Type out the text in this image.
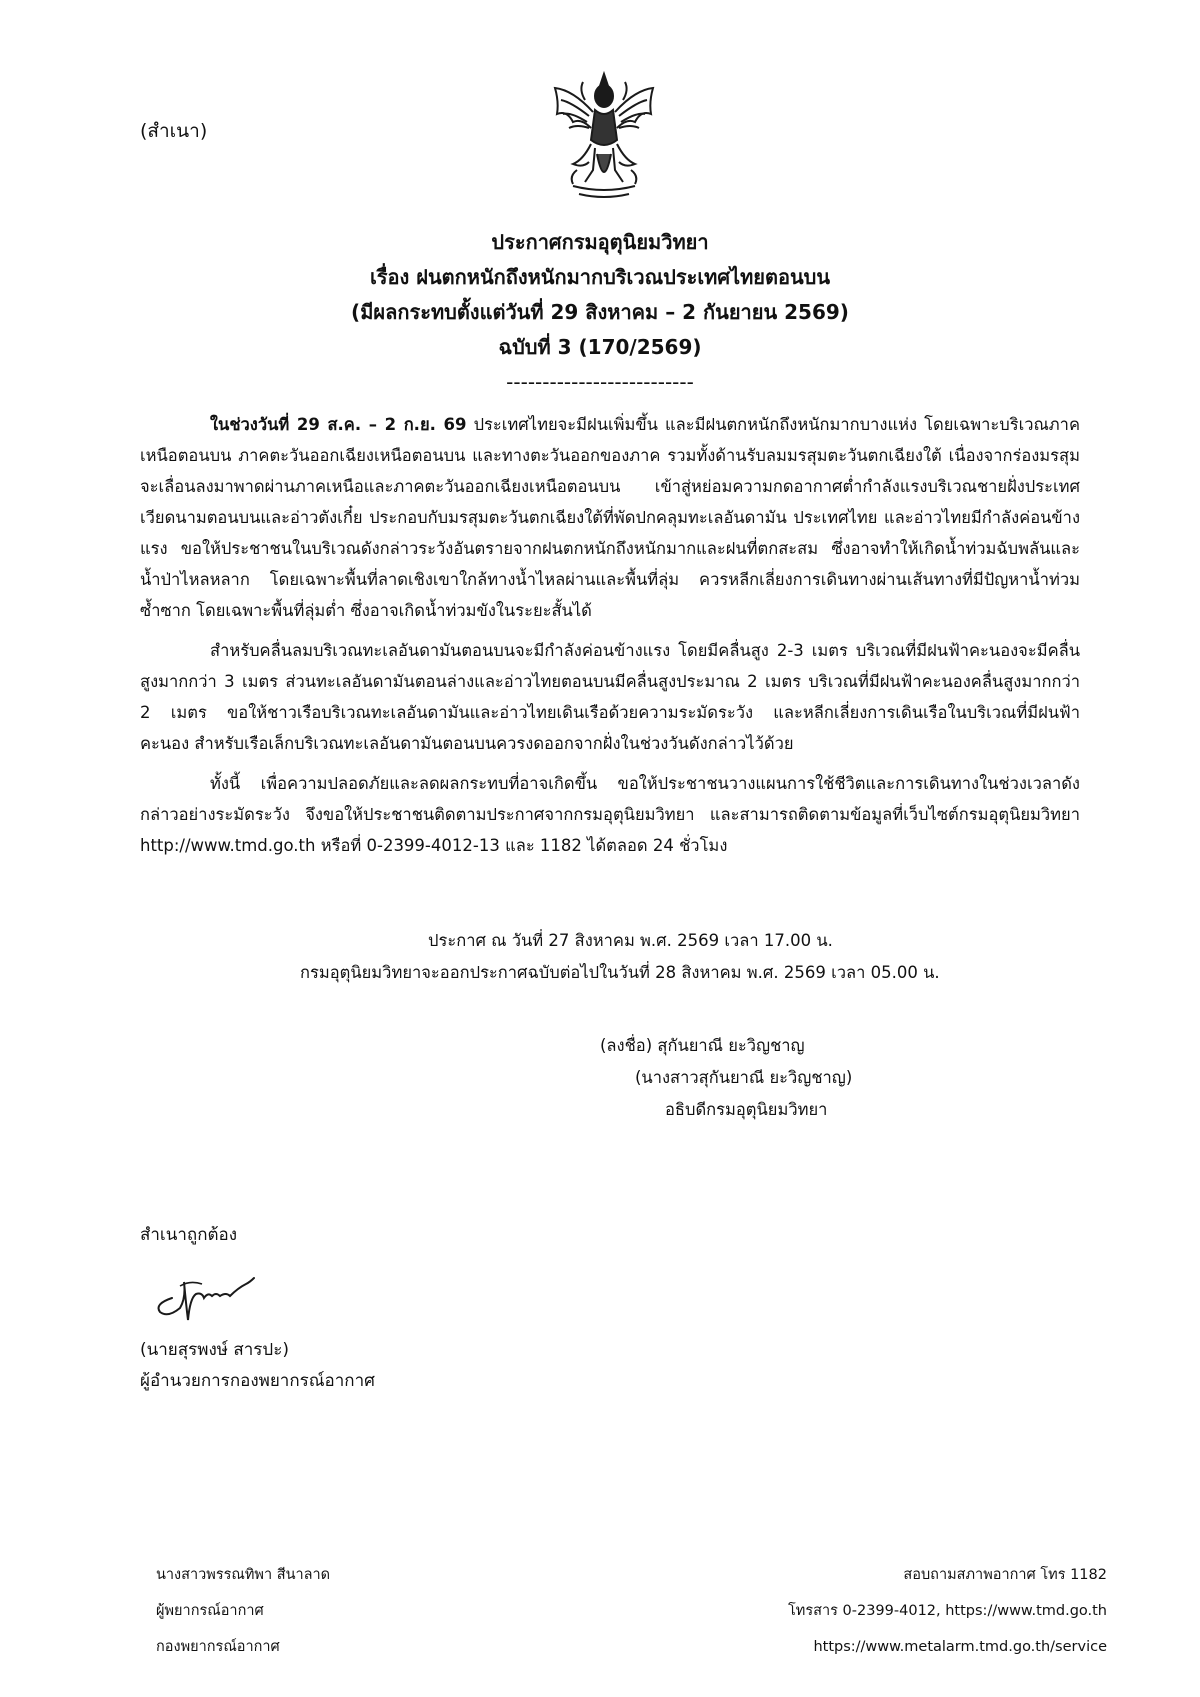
(สำเนา)
ประกาศกรมอุตุนิยมวิทยา
เรื่อง ฝนตกหนักถึงหนักมากบริเวณประเทศไทยตอนบน
(มีผลกระทบตั้งแต่วันที่ 29 สิงหาคม – 2 กันยายน 2569)
ฉบับที่ 3 (170/2569)
--------------------------

ในช่วงวันที่ 29 ส.ค. – 2 ก.ย. 69 ประเทศไทยจะมีฝนเพิ่มขึ้น และมีฝนตกหนักถึงหนักมากบางแห่ง โดยเฉพาะบริเวณภาคเหนือตอนบน ภาคตะวันออกเฉียงเหนือตอนบน และทางตะวันออกของภาค รวมทั้งด้านรับลมมรสุมตะวันตกเฉียงใต้ เนื่องจากร่องมรสุมจะเลื่อนลงมาพาดผ่านภาคเหนือและภาคตะวันออกเฉียงเหนือตอนบน เข้าสู่หย่อมความกดอากาศต่ำกำลังแรงบริเวณชายฝั่งประเทศเวียดนามตอนบนและอ่าวตังเกี๋ย ประกอบกับมรสุมตะวันตกเฉียงใต้ที่พัดปกคลุมทะเลอันดามัน ประเทศไทย และอ่าวไทยมีกำลังค่อนข้างแรง ขอให้ประชาชนในบริเวณดังกล่าวระวังอันตรายจากฝนตกหนักถึงหนักมากและฝนที่ตกสะสม ซึ่งอาจทำให้เกิดน้ำท่วมฉับพลันและน้ำป่าไหลหลาก โดยเฉพาะพื้นที่ลาดเชิงเขาใกล้ทางน้ำไหลผ่านและพื้นที่ลุ่ม ควรหลีกเลี่ยงการเดินทางผ่านเส้นทางที่มีปัญหาน้ำท่วมซ้ำซาก โดยเฉพาะพื้นที่ลุ่มต่ำ ซึ่งอาจเกิดน้ำท่วมขังในระยะสั้นได้

สำหรับคลื่นลมบริเวณทะเลอันดามันตอนบนจะมีกำลังค่อนข้างแรง โดยมีคลื่นสูง 2-3 เมตร บริเวณที่มีฝนฟ้าคะนองจะมีคลื่นสูงมากกว่า 3 เมตร ส่วนทะเลอันดามันตอนล่างและอ่าวไทยตอนบนมีคลื่นสูงประมาณ 2 เมตร บริเวณที่มีฝนฟ้าคะนองคลื่นสูงมากกว่า 2 เมตร ขอให้ชาวเรือบริเวณทะเลอันดามันและอ่าวไทยเดินเรือด้วยความระมัดระวัง และหลีกเลี่ยงการเดินเรือในบริเวณที่มีฝนฟ้าคะนอง สำหรับเรือเล็กบริเวณทะเลอันดามันตอนบนควรงดออกจากฝั่งในช่วงวันดังกล่าวไว้ด้วย

ทั้งนี้ เพื่อความปลอดภัยและลดผลกระทบที่อาจเกิดขึ้น ขอให้ประชาชนวางแผนการใช้ชีวิตและการเดินทางในช่วงเวลาดังกล่าวอย่างระมัดระวัง จึงขอให้ประชาชนติดตามประกาศจากกรมอุตุนิยมวิทยา และสามารถติดตามข้อมูลที่เว็บไซต์กรมอุตุนิยมวิทยา http://www.tmd.go.th หรือที่ 0-2399-4012-13 และ 1182 ได้ตลอด 24 ชั่วโมง

ประกาศ ณ วันที่ 27 สิงหาคม พ.ศ. 2569 เวลา 17.00 น.
กรมอุตุนิยมวิทยาจะออกประกาศฉบับต่อไปในวันที่ 28 สิงหาคม พ.ศ. 2569 เวลา 05.00 น.
(ลงชื่อ) สุกันยาณี ยะวิญชาญ
(นางสาวสุกันยาณี ยะวิญชาญ)
อธิบดีกรมอุตุนิยมวิทยา
สำเนาถูกต้อง
(นายสุรพงษ์ สารปะ)
ผู้อำนวยการกองพยากรณ์อากาศ
นางสาวพรรณทิพา สีนาลาด
ผู้พยากรณ์อากาศ
กองพยากรณ์อากาศ
สอบถามสภาพอากาศ โทร 1182
โทรสาร 0-2399-4012, https://www.tmd.go.th
https://www.metalarm.tmd.go.th/service
